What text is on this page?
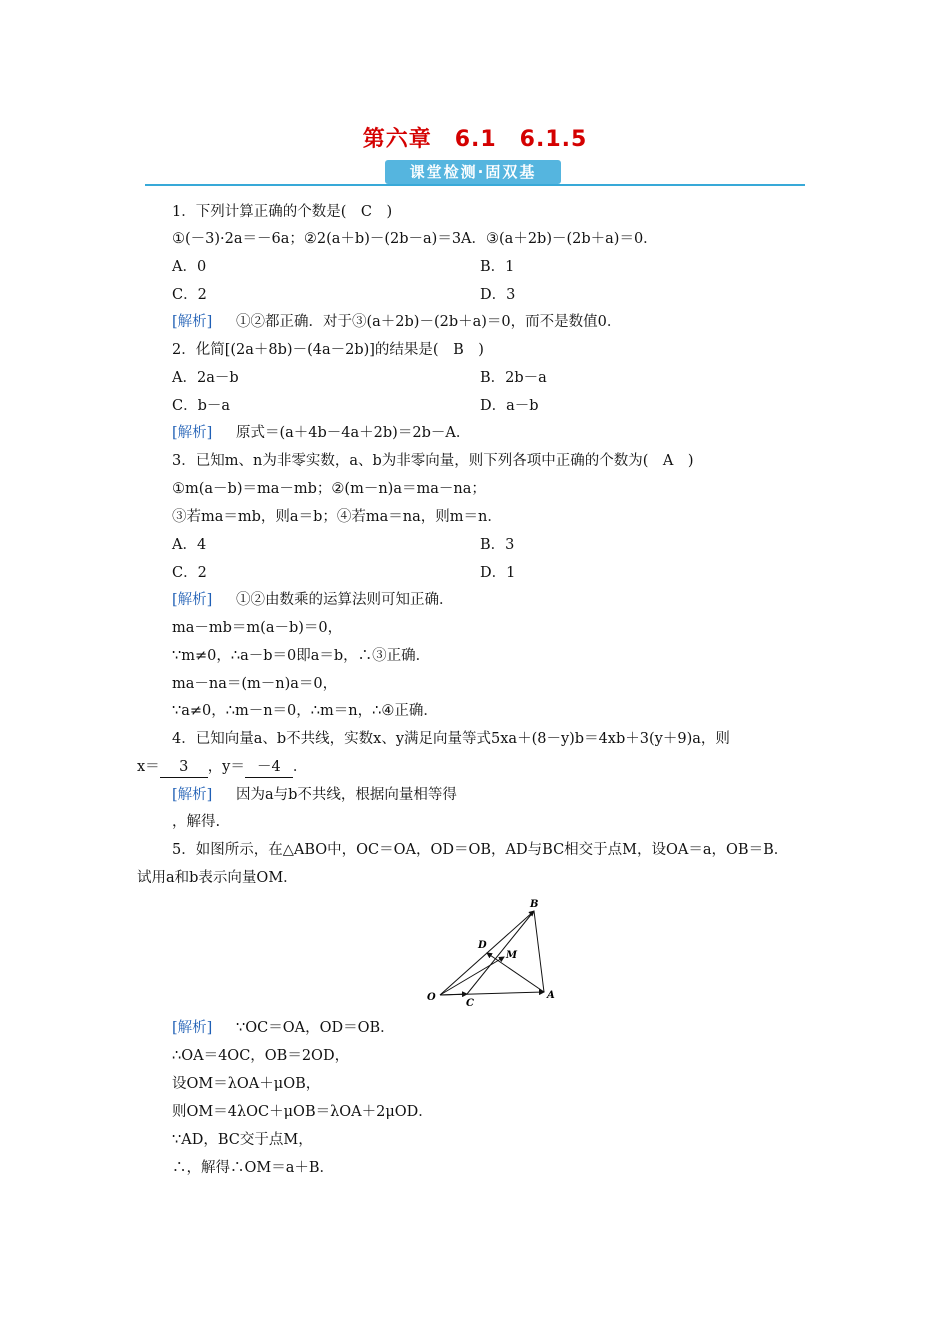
第六章　6.1　6.1.5
课堂检测·固双基
1．下列计算正确的个数是(　C　)
①(－3)·2a＝－6a；②2(a＋b)－(2b－a)＝3A．③(a＋2b)－(2b＋a)＝0．
A．0	B．1
C．2	D．3
[解析] ①②都正确．对于③(a＋2b)－(2b＋a)＝0，而不是数值0．
2．化简[(2a＋8b)－(4a－2b)]的结果是(　B　)
A．2a－b	B．2b－a
C．b－a	D．a－b
[解析] 原式＝(a＋4b－4a＋2b)＝2b－A．
3．已知m、n为非零实数，a、b为非零向量，则下列各项中正确的个数为(　A　)
①m(a－b)＝ma－mb；②(m－n)a＝ma－na；
③若ma＝mb，则a＝b；④若ma＝na，则m＝n．
A．4	B．3
C．2	D．1
[解析] ①②由数乘的运算法则可知正确．
ma－mb＝m(a－b)＝0，
∵m≠0，∴a－b＝0即a＝b，∴③正确．
ma－na＝(m－n)a＝0，
∵a≠0，∴m－n＝0，∴m＝n，∴④正确．
4．已知向量a、b不共线，实数x、y满足向量等式5xa＋(8－y)b＝4xb＋3(y＋9)a，则
x＝ 3 ，y＝ －4 ．
[解析] 因为a与b不共线，根据向量相等得
，解得.
5．如图所示，在△ABO中，OC＝OA，OD＝OB，AD与BC相交于点M，设OA＝a，OB＝B．
试用a和b表示向量OM．
B
D
M
O
C
A
[解析] ∵OC＝OA，OD＝OB．
∴OA＝4OC，OB＝2OD，
设OM＝λOA＋μOB，
则OM＝4λOC＋μOB＝λOA＋2μOD．
∵AD，BC交于点M，
∴，解得∴OM＝a＋B．
